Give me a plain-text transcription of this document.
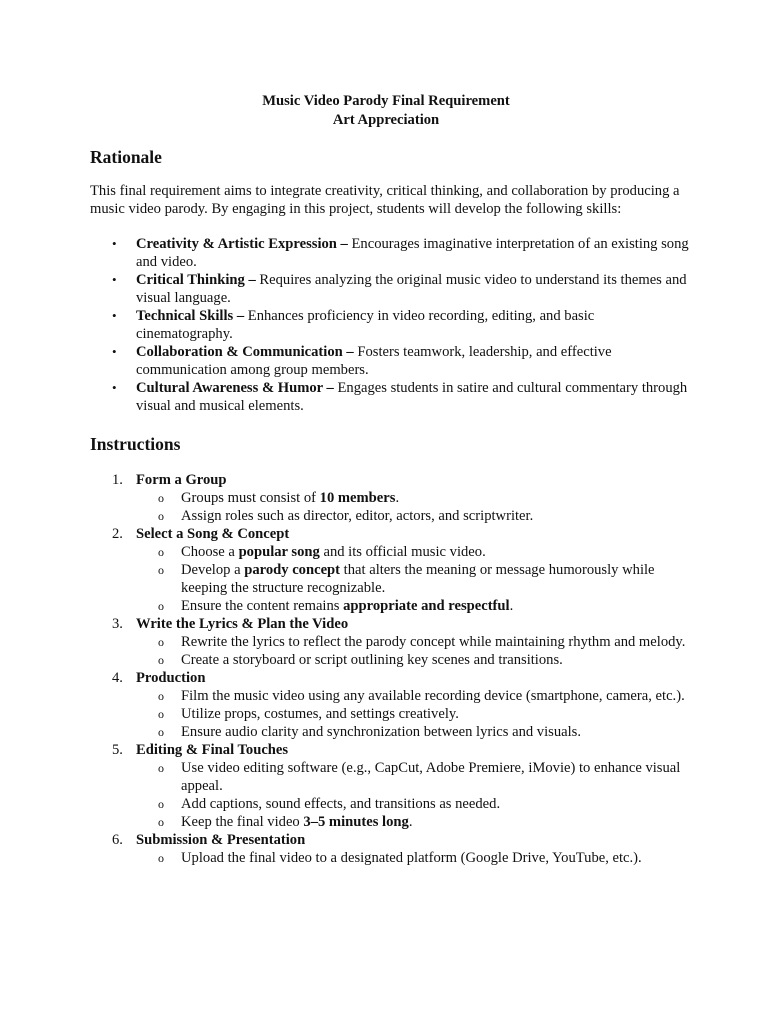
Music Video Parody Final Requirement
Art Appreciation
Rationale

This final requirement aims to integrate creativity, critical thinking, and collaboration by producing a music video parody. By engaging in this project, students will develop the following skills:

• Creativity & Artistic Expression – Encourages imaginative interpretation of an existing song and video.
• Critical Thinking – Requires analyzing the original music video to understand its themes and visual language.
• Technical Skills – Enhances proficiency in video recording, editing, and basic cinematography.
• Collaboration & Communication – Fosters teamwork, leadership, and effective communication among group members.
• Cultural Awareness & Humor – Engages students in satire and cultural commentary through visual and musical elements.
Instructions
1. Form a Group
o Groups must consist of 10 members.
o Assign roles such as director, editor, actors, and scriptwriter.
2. Select a Song & Concept
o Choose a popular song and its official music video.
o Develop a parody concept that alters the meaning or message humorously while keeping the structure recognizable.
o Ensure the content remains appropriate and respectful.
3. Write the Lyrics & Plan the Video
o Rewrite the lyrics to reflect the parody concept while maintaining rhythm and melody.
o Create a storyboard or script outlining key scenes and transitions.
4. Production
o Film the music video using any available recording device (smartphone, camera, etc.).
o Utilize props, costumes, and settings creatively.
o Ensure audio clarity and synchronization between lyrics and visuals.
5. Editing & Final Touches
o Use video editing software (e.g., CapCut, Adobe Premiere, iMovie) to enhance visual appeal.
o Add captions, sound effects, and transitions as needed.
o Keep the final video 3–5 minutes long.
6. Submission & Presentation
o Upload the final video to a designated platform (Google Drive, YouTube, etc.).
